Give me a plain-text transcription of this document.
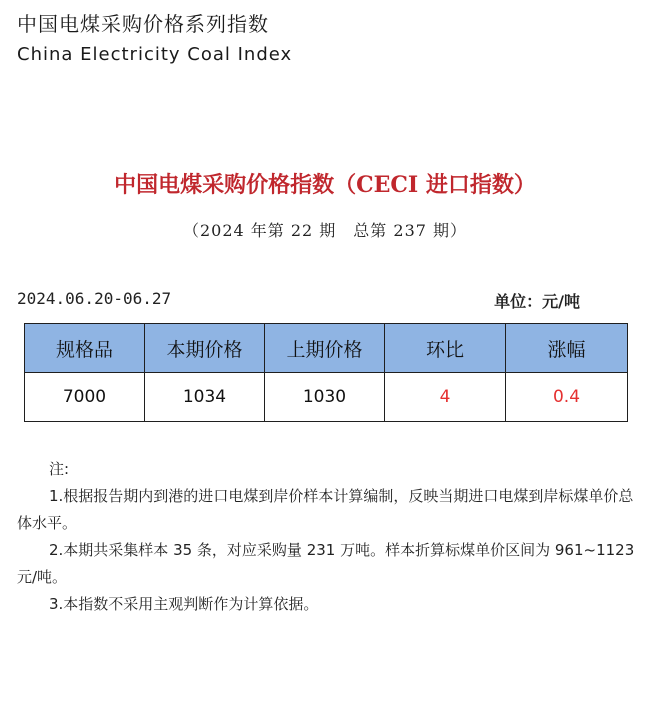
中国电煤采购价格系列指数
China Electricity Coal Index
中国电煤采购价格指数（CECI 进口指数）
（2024 年第 22 期　总第 237 期）
2024.06.20-06.27	单位：元/吨
规格品	本期价格	上期价格	环比	涨幅
7000	1034	1030	4	0.4
注:
1.根据报告期内到港的进口电煤到岸价样本计算编制，反映当期进口电煤到岸标煤单价总体水平。
2.本期共采集样本 35 条，对应采购量 231 万吨。样本折算标煤单价区间为 961~1123 元/吨。
3.本指数不采用主观判断作为计算依据。
